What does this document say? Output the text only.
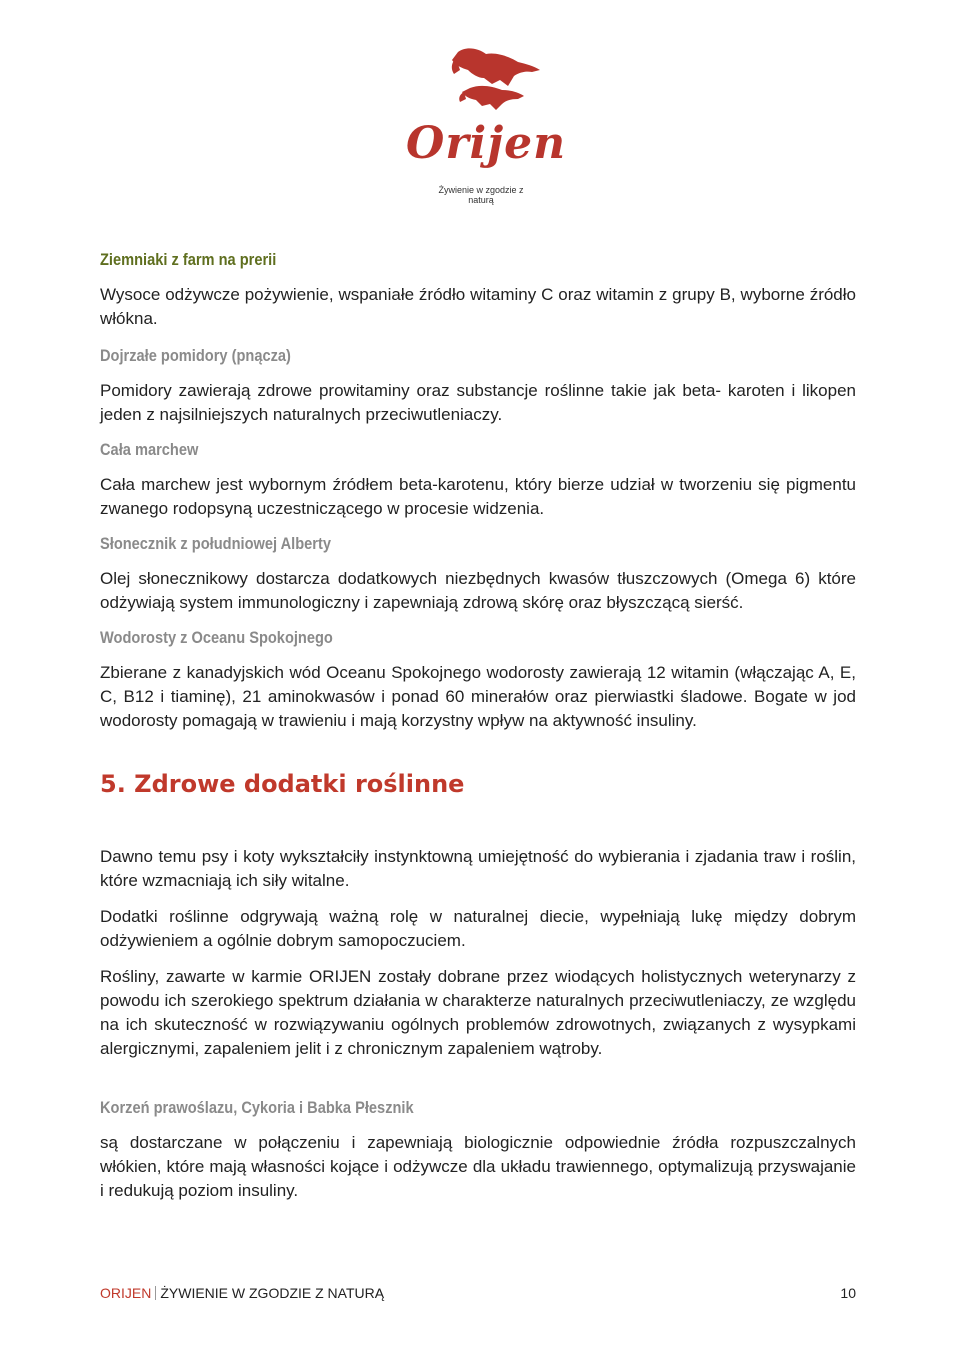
Orijen
Żywienie w zgodzie z naturą
Ziemniaki z farm na prerii
Wysoce odżywcze pożywienie, wspaniałe źródło witaminy C oraz witamin z grupy B, wyborne źródło włókna.
Dojrzałe pomidory (pnącza)
Pomidory zawierają zdrowe prowitaminy oraz substancje roślinne takie jak beta- karoten i likopen jeden z najsilniejszych naturalnych przeciwutleniaczy.
Cała marchew
Cała marchew jest wybornym źródłem beta-karotenu, który bierze udział w tworzeniu się pigmentu zwanego rodopsyną uczestniczącego w procesie widzenia.
Słonecznik z południowej Alberty
Olej słonecznikowy dostarcza dodatkowych niezbędnych kwasów tłuszczowych (Omega 6) które odżywiają system immunologiczny i zapewniają zdrową skórę oraz błyszczącą sierść.
Wodorosty z Oceanu Spokojnego
Zbierane z kanadyjskich wód Oceanu Spokojnego wodorosty zawierają 12 witamin (włączając A, E, C, B12 i tiaminę), 21 aminokwasów i ponad 60 minerałów oraz pierwiastki śladowe. Bogate w jod wodorosty pomagają w trawieniu i mają korzystny wpływ na aktywność insuliny.
5. Zdrowe dodatki roślinne
Dawno temu psy i koty wykształciły instynktowną umiejętność do wybierania i zjadania traw i roślin, które wzmacniają ich siły witalne.
Dodatki roślinne odgrywają ważną rolę w naturalnej diecie, wypełniają lukę między dobrym odżywieniem a ogólnie dobrym samopoczuciem.
Rośliny, zawarte w karmie ORIJEN zostały dobrane przez wiodących holistycznych weterynarzy z powodu ich szerokiego spektrum działania w charakterze naturalnych przeciwutleniaczy, ze względu na ich skuteczność w rozwiązywaniu ogólnych problemów zdrowotnych, związanych z wysypkami alergicznymi, zapaleniem jelit i z chronicznym zapaleniem wątroby.
Korzeń prawoślazu, Cykoria i Babka Płesznik
są dostarczane w połączeniu i zapewniają biologicznie odpowiednie źródła rozpuszczalnych włókien, które mają własności kojące i odżywcze dla układu trawiennego, optymalizują przyswajanie i redukują poziom insuliny.
ORIJEN ŻYWIENIE W ZGODZIE Z NATURĄ	10
